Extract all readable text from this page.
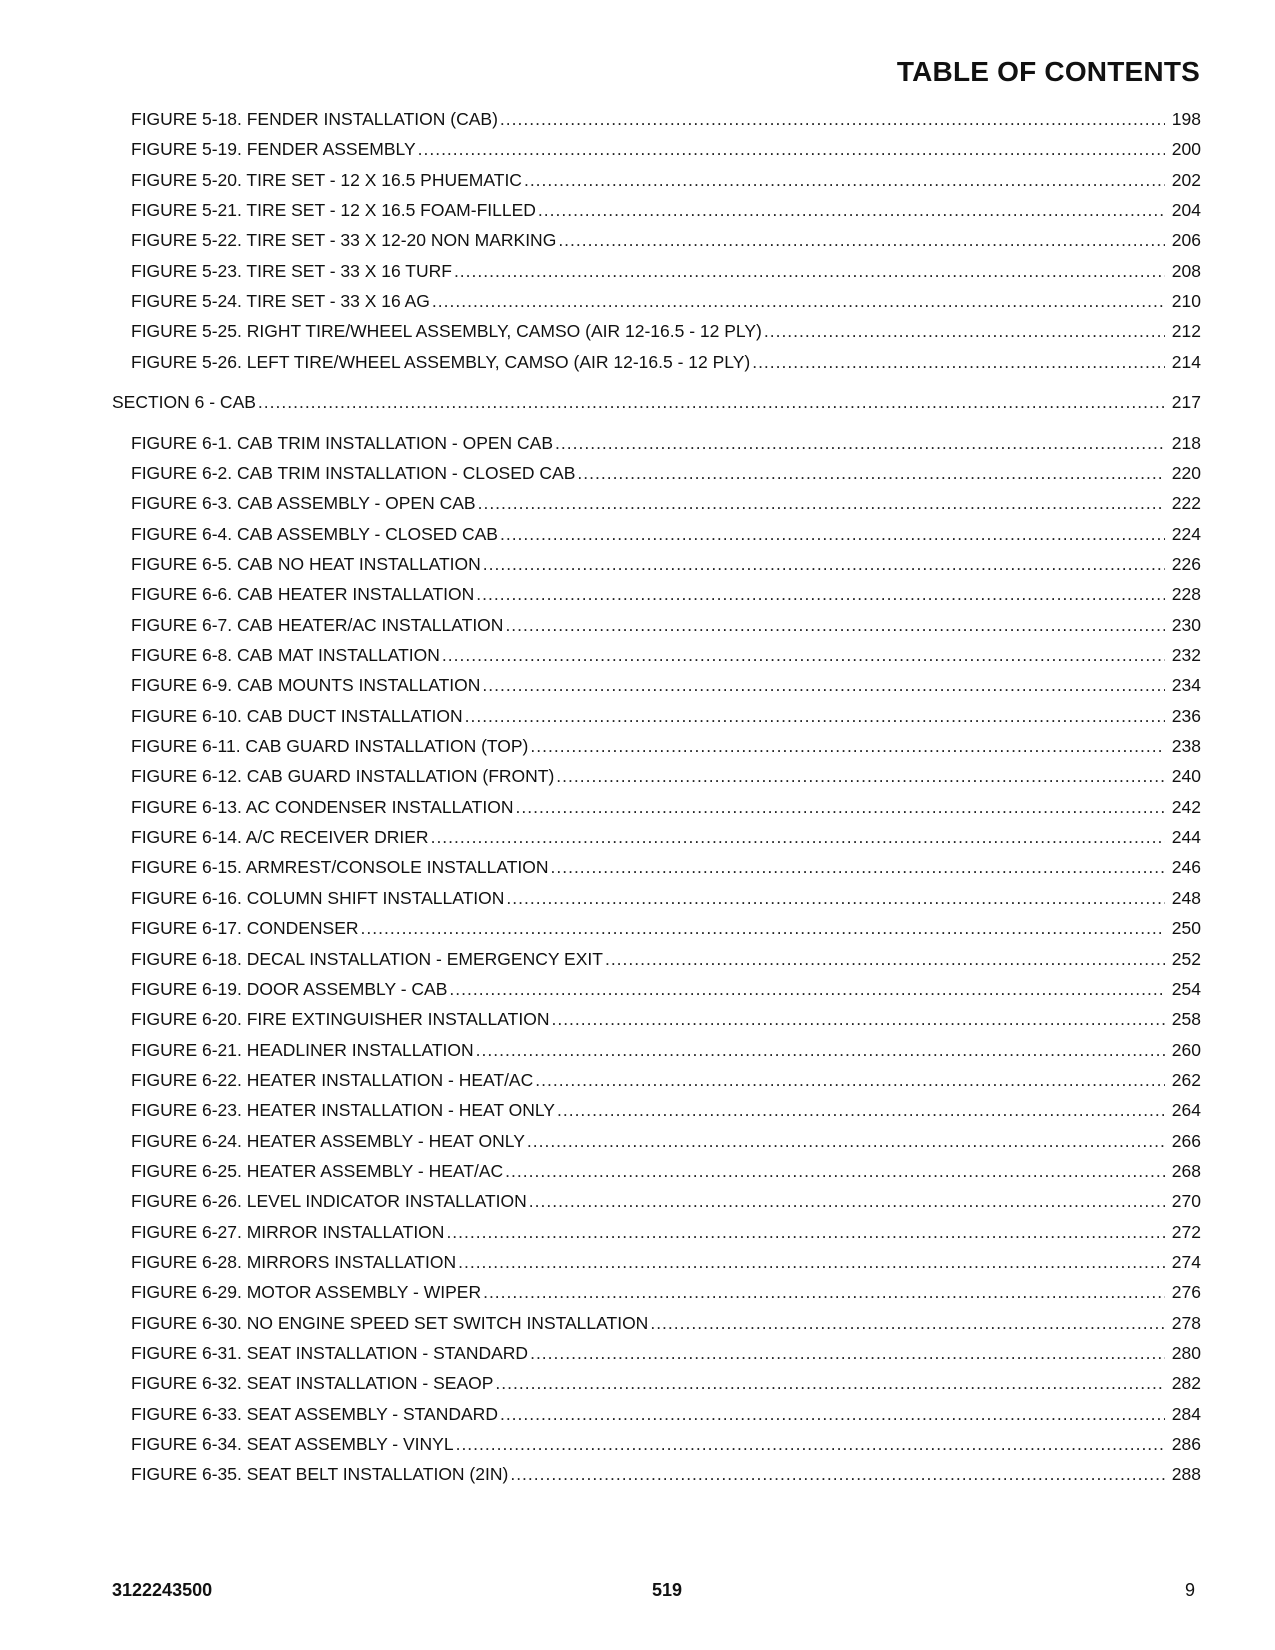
TABLE OF CONTENTS
FIGURE 5-18. FENDER INSTALLATION (CAB) .....	198
FIGURE 5-19. FENDER ASSEMBLY .....	200
FIGURE 5-20. TIRE SET - 12 X 16.5 PHUEMATIC .....	202
FIGURE 5-21. TIRE SET - 12 X 16.5 FOAM-FILLED .....	204
FIGURE 5-22. TIRE SET - 33 X 12-20 NON MARKING .....	206
FIGURE 5-23. TIRE SET - 33 X 16 TURF .....	208
FIGURE 5-24. TIRE SET - 33 X 16 AG .....	210
FIGURE 5-25. RIGHT TIRE/WHEEL ASSEMBLY, CAMSO (AIR 12-16.5 - 12 PLY) .....	212
FIGURE 5-26. LEFT TIRE/WHEEL ASSEMBLY, CAMSO (AIR 12-16.5 - 12 PLY) .....	214
SECTION 6 - CAB .....	217
FIGURE 6-1. CAB TRIM INSTALLATION - OPEN CAB .....	218
FIGURE 6-2. CAB TRIM INSTALLATION - CLOSED CAB .....	220
FIGURE 6-3. CAB ASSEMBLY - OPEN CAB .....	222
FIGURE 6-4. CAB ASSEMBLY - CLOSED CAB .....	224
FIGURE 6-5. CAB NO HEAT INSTALLATION .....	226
FIGURE 6-6. CAB HEATER INSTALLATION .....	228
FIGURE 6-7. CAB HEATER/AC INSTALLATION .....	230
FIGURE 6-8. CAB MAT INSTALLATION .....	232
FIGURE 6-9. CAB MOUNTS INSTALLATION .....	234
FIGURE 6-10. CAB DUCT INSTALLATION .....	236
FIGURE 6-11. CAB GUARD INSTALLATION (TOP) .....	238
FIGURE 6-12. CAB GUARD INSTALLATION (FRONT) .....	240
FIGURE 6-13. AC CONDENSER INSTALLATION .....	242
FIGURE 6-14. A/C RECEIVER DRIER .....	244
FIGURE 6-15. ARMREST/CONSOLE INSTALLATION .....	246
FIGURE 6-16. COLUMN SHIFT INSTALLATION .....	248
FIGURE 6-17. CONDENSER .....	250
FIGURE 6-18. DECAL INSTALLATION - EMERGENCY EXIT .....	252
FIGURE 6-19. DOOR ASSEMBLY - CAB .....	254
FIGURE 6-20. FIRE EXTINGUISHER INSTALLATION .....	258
FIGURE 6-21. HEADLINER INSTALLATION .....	260
FIGURE 6-22. HEATER INSTALLATION - HEAT/AC .....	262
FIGURE 6-23. HEATER INSTALLATION - HEAT ONLY .....	264
FIGURE 6-24. HEATER ASSEMBLY - HEAT ONLY .....	266
FIGURE 6-25. HEATER ASSEMBLY - HEAT/AC .....	268
FIGURE 6-26. LEVEL INDICATOR INSTALLATION .....	270
FIGURE 6-27. MIRROR INSTALLATION .....	272
FIGURE 6-28. MIRRORS INSTALLATION .....	274
FIGURE 6-29. MOTOR ASSEMBLY - WIPER .....	276
FIGURE 6-30. NO ENGINE SPEED SET SWITCH INSTALLATION .....	278
FIGURE 6-31. SEAT INSTALLATION - STANDARD .....	280
FIGURE 6-32. SEAT INSTALLATION - SEAOP .....	282
FIGURE 6-33. SEAT ASSEMBLY - STANDARD .....	284
FIGURE 6-34. SEAT ASSEMBLY - VINYL .....	286
FIGURE 6-35. SEAT BELT INSTALLATION (2IN) .....	288
3122243500	519	9
